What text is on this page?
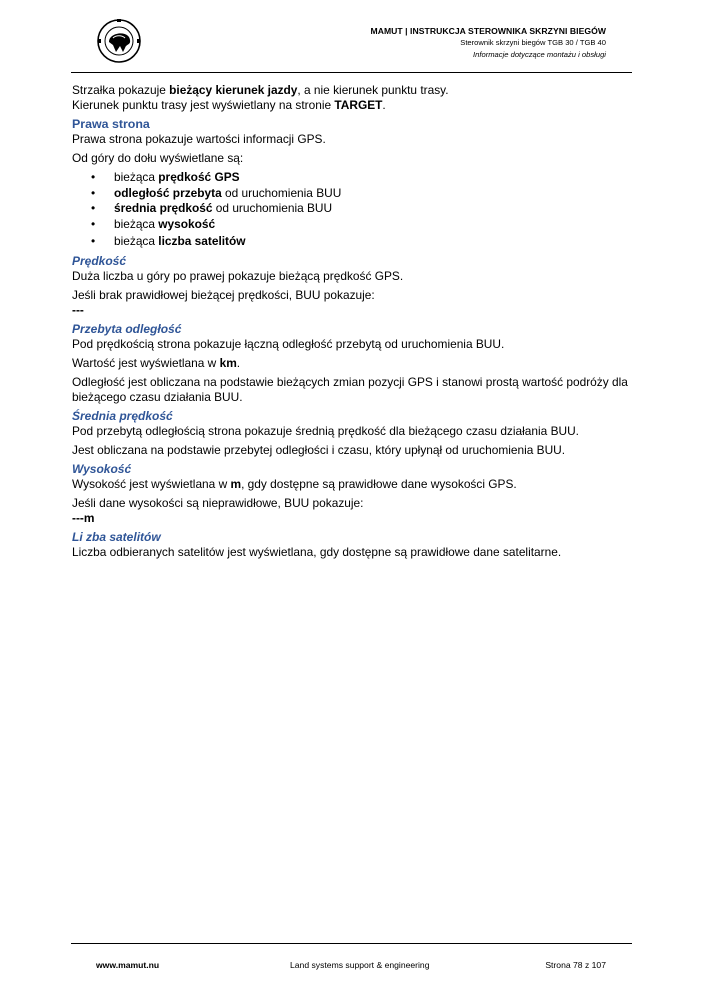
MAMUT | INSTRUKCJA STEROWNIKA SKRZYNI BIEGÓW
Sterownik skrzyni biegów TGB 30 / TGB 40
Informacje dotyczące montażu i obsługi

Strzałka pokazuje bieżący kierunek jazdy, a nie kierunek punktu trasy.

Kierunek punktu trasy jest wyświetlany na stronie TARGET.

Prawa strona

Prawa strona pokazuje wartości informacji GPS.

Od góry do dołu wyświetlane są:

• bieżąca prędkość GPS
• odległość przebyta od uruchomienia BUU
• średnia prędkość od uruchomienia BUU
• bieżąca wysokość
• bieżąca liczba satelitów
Prędkość

Duża liczba u góry po prawej pokazuje bieżącą prędkość GPS.

Jeśli brak prawidłowej bieżącej prędkości, BUU pokazuje:

---

Przebyta odległość

Pod prędkością strona pokazuje łączną odległość przebytą od uruchomienia BUU.

Wartość jest wyświetlana w km.

Odległość jest obliczana na podstawie bieżących zmian pozycji GPS i stanowi prostą wartość podróży dla bieżącego czasu działania BUU.

Średnia prędkość

Pod przebytą odległością strona pokazuje średnią prędkość dla bieżącego czasu działania BUU.

Jest obliczana na podstawie przebytej odległości i czasu, który upłynął od uruchomienia BUU.

Wysokość

Wysokość jest wyświetlana w m, gdy dostępne są prawidłowe dane wysokości GPS.

Jeśli dane wysokości są nieprawidłowe, BUU pokazuje:

---m

Li zba satelitów

Liczba odbieranych satelitów jest wyświetlana, gdy dostępne są prawidłowe dane satelitarne.

www.mamut.nu	Land systems support & engineering	Strona 78 z 107
